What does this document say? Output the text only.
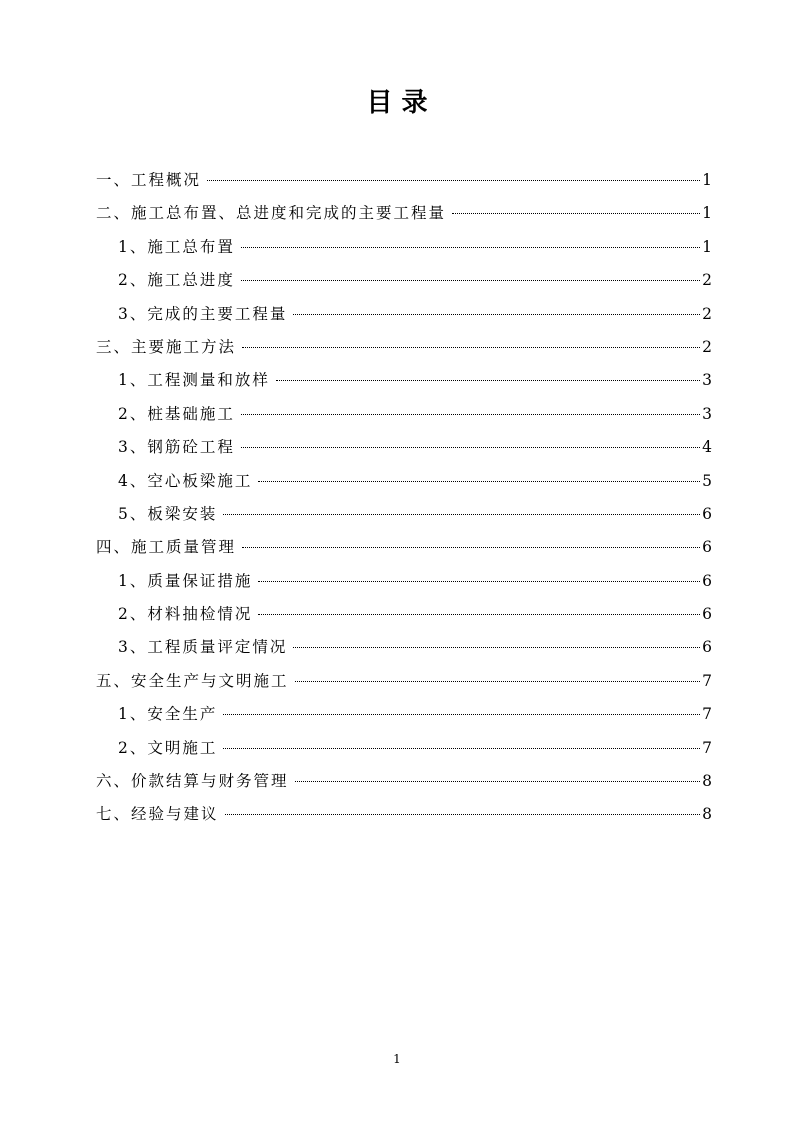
目 录
一、工程概况	1
二、施工总布置、总进度和完成的主要工程量	1
1、施工总布置	1
2、施工总进度	2
3、完成的主要工程量	2
三、主要施工方法	2
1、工程测量和放样	3
2、桩基础施工	3
3、钢筋砼工程	4
4、空心板梁施工	5
5、板梁安装	6
四、施工质量管理	6
1、质量保证措施	6
2、材料抽检情况	6
3、工程质量评定情况	6
五、安全生产与文明施工	7
1、安全生产	7
2、文明施工	7
六、价款结算与财务管理	8
七、经验与建议	8
1
